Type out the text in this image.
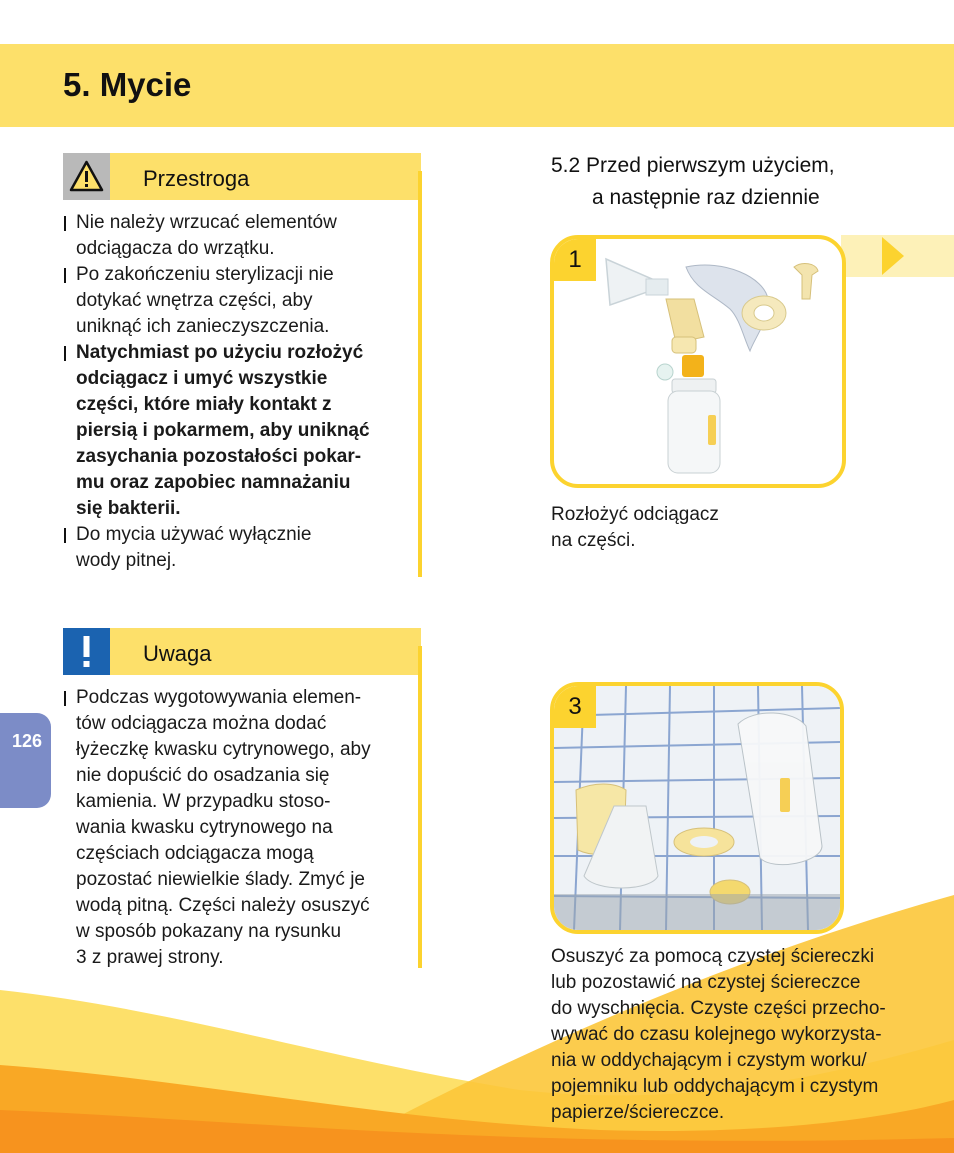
5. Mycie
Przestroga
Nie należy wrzucać elementów
odciągacza do wrzątku.
Po zakończeniu sterylizacji nie
dotykać wnętrza części, aby
uniknąć ich zanieczyszczenia.
Natychmiast po użyciu rozłożyć
odciągacz i umyć wszystkie
części, które miały kontakt z
piersią i pokarmem, aby uniknąć
zasychania pozostałości pokar-
mu oraz zapobiec namnażaniu
się bakterii.
Do mycia używać wyłącznie
wody pitnej.
Uwaga
Podczas wygotowywania elemen-
tów odciągacza można dodać
łyżeczkę kwasku cytrynowego, aby
nie dopuścić do osadzania się
kamienia. W przypadku stoso-
wania kwasku cytrynowego na
częściach odciągacza mogą
pozostać niewielkie ślady. Zmyć je
wodą pitną. Części należy osuszyć
w sposób pokazany na rysunku
3 z prawej strony.
126
5.2 Przed pierwszym użyciem,
a następnie raz dziennie
1
Rozłożyć odciągacz
na części.
3
Osuszyć za pomocą czystej ściereczki
lub pozostawić na czystej ściereczce
do wyschnięcia. Czyste części przecho-
wywać do czasu kolejnego wykorzysta-
nia w oddychającym i czystym worku/
pojemniku lub oddychającym i czystym
papierze/ściereczce.
